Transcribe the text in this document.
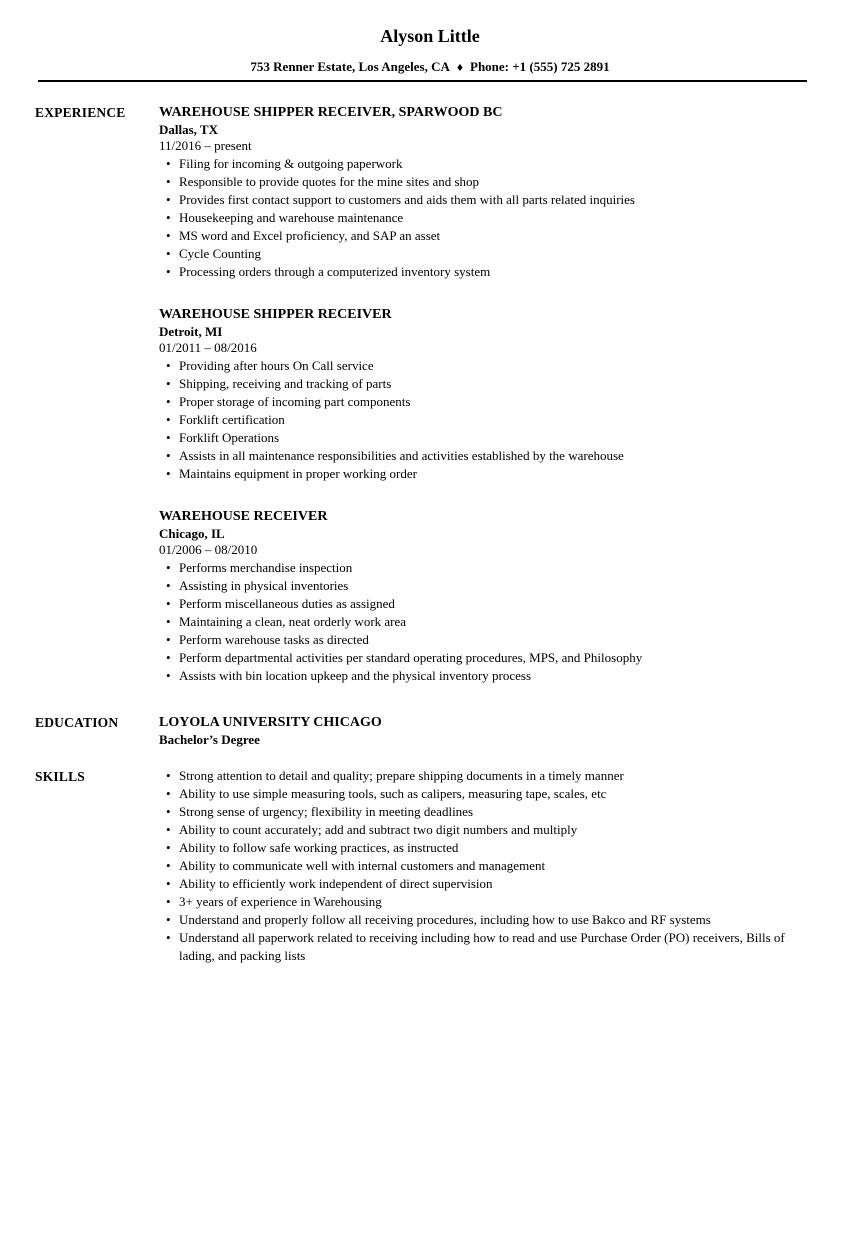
Alyson Little
753 Renner Estate, Los Angeles, CA ♦ Phone: +1 (555) 725 2891
EXPERIENCE	WAREHOUSE SHIPPER RECEIVER, SPARWOOD BC
Dallas, TX
11/2016 – present
• Filing for incoming & outgoing paperwork
• Responsible to provide quotes for the mine sites and shop
• Provides first contact support to customers and aids them with all parts related inquiries
• Housekeeping and warehouse maintenance
• MS word and Excel proficiency, and SAP an asset
• Cycle Counting
• Processing orders through a computerized inventory system
WAREHOUSE SHIPPER RECEIVER
Detroit, MI
01/2011 – 08/2016
• Providing after hours On Call service
• Shipping, receiving and tracking of parts
• Proper storage of incoming part components
• Forklift certification
• Forklift Operations
• Assists in all maintenance responsibilities and activities established by the warehouse
• Maintains equipment in proper working order
WAREHOUSE RECEIVER
Chicago, IL
01/2006 – 08/2010
• Performs merchandise inspection
• Assisting in physical inventories
• Perform miscellaneous duties as assigned
• Maintaining a clean, neat orderly work area
• Perform warehouse tasks as directed
• Perform departmental activities per standard operating procedures, MPS, and Philosophy
• Assists with bin location upkeep and the physical inventory process
EDUCATION	LOYOLA UNIVERSITY CHICAGO
Bachelor’s Degree
SKILLS	• Strong attention to detail and quality; prepare shipping documents in a timely manner
• Ability to use simple measuring tools, such as calipers, measuring tape, scales, etc
• Strong sense of urgency; flexibility in meeting deadlines
• Ability to count accurately; add and subtract two digit numbers and multiply
• Ability to follow safe working practices, as instructed
• Ability to communicate well with internal customers and management
• Ability to efficiently work independent of direct supervision
• 3+ years of experience in Warehousing
• Understand and properly follow all receiving procedures, including how to use Bakco and RF systems
• Understand all paperwork related to receiving including how to read and use Purchase Order (PO) receivers, Bills of lading, and packing lists
